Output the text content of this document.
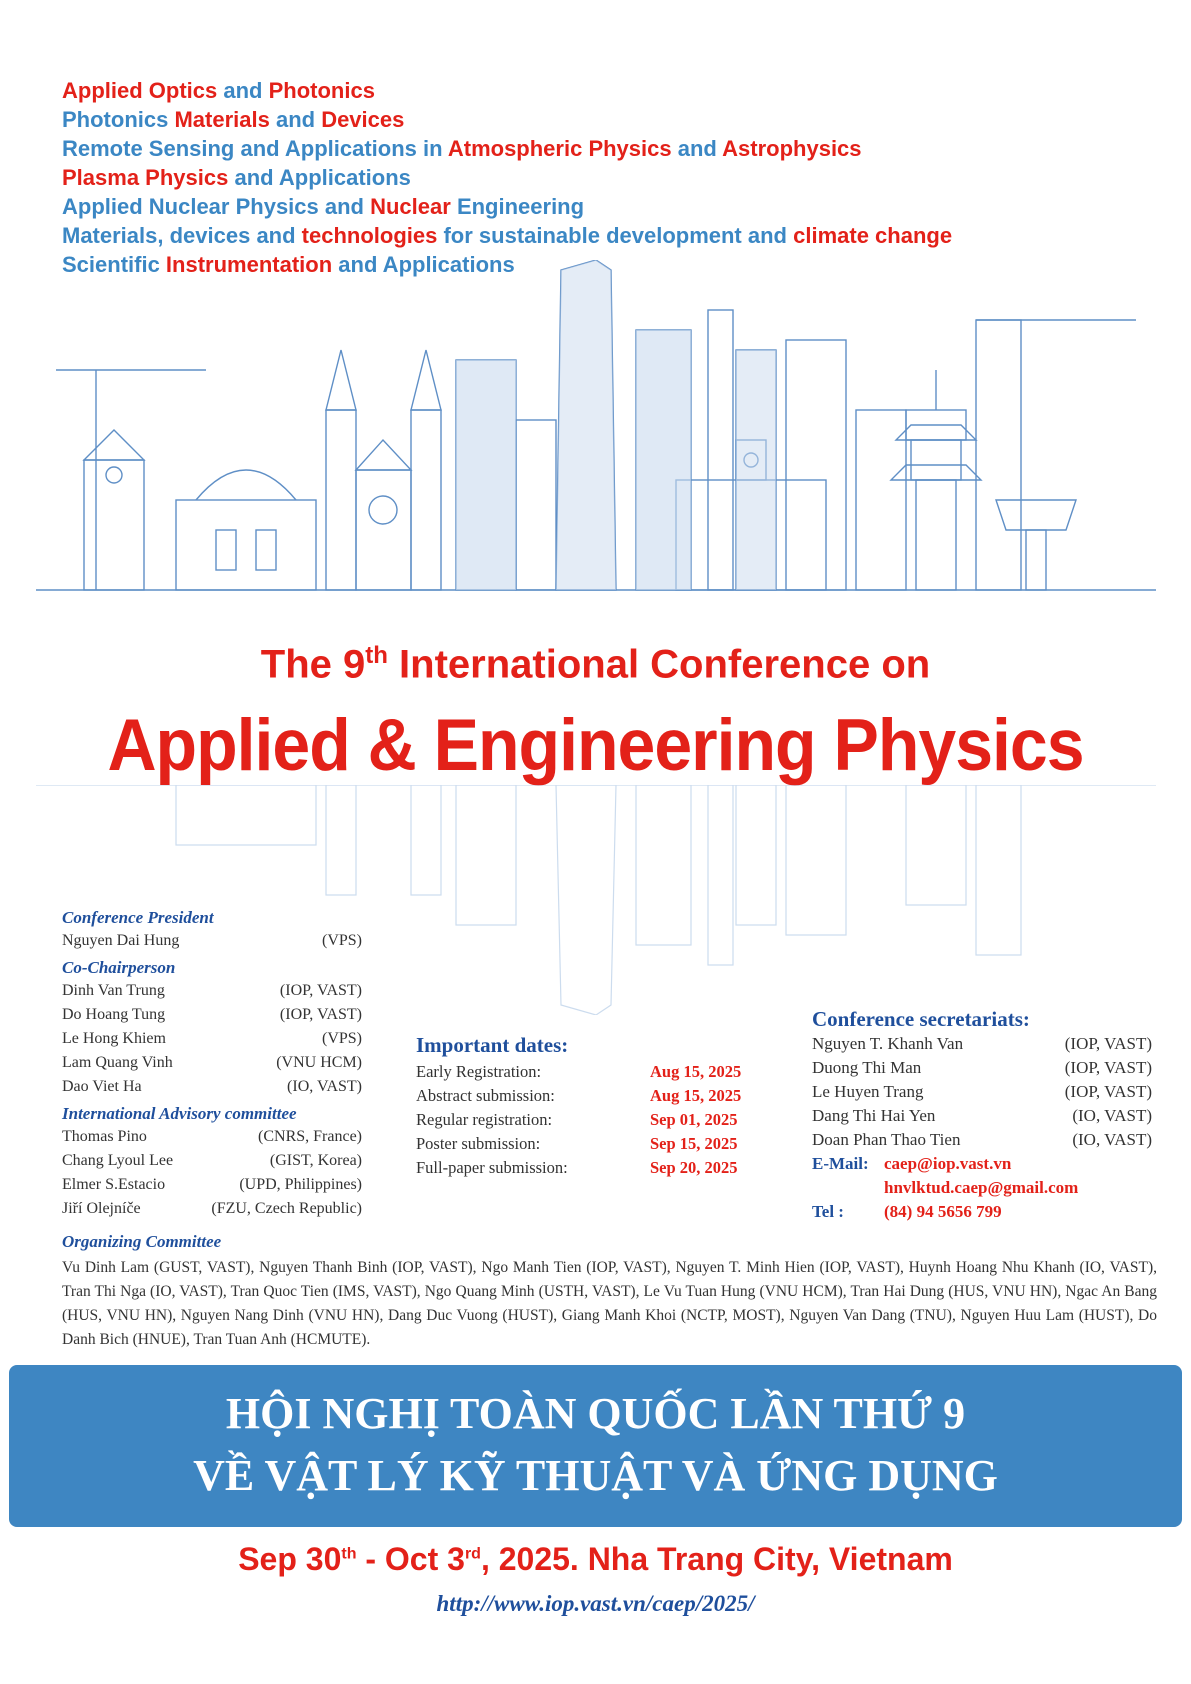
Applied Optics and Photonics
Photonics Materials and Devices
Remote Sensing and Applications in Atmospheric Physics and Astrophysics
Plasma Physics and Applications
Applied Nuclear Physics and Nuclear Engineering
Materials, devices and technologies for sustainable development and climate change
Scientific Instrumentation and Applications
The 9th International Conference on
Applied & Engineering Physics
Conference President
Nguyen Dai Hung	(VPS)
Co-Chairperson
Dinh Van Trung	(IOP, VAST)
Do Hoang Tung	(IOP, VAST)
Le Hong Khiem	(VPS)
Lam Quang Vinh	(VNU HCM)
Dao Viet Ha	(IO, VAST)
International Advisory committee
Thomas Pino	(CNRS, France)
Chang Lyoul Lee	(GIST, Korea)
Elmer S.Estacio	(UPD, Philippines)
Jiří Olejníče	(FZU, Czech Republic)
Important dates:
Early Registration:	Aug 15, 2025
Abstract submission:	Aug 15, 2025
Regular registration:	Sep 01, 2025
Poster submission:	Sep 15, 2025
Full-paper submission:	Sep 20, 2025
Conference secretariats:
Nguyen T. Khanh Van	(IOP, VAST)
Duong Thi Man	(IOP, VAST)
Le Huyen Trang	(IOP, VAST)
Dang Thi Hai Yen	(IO, VAST)
Doan Phan Thao Tien	(IO, VAST)
E-Mail: caep@iop.vast.vn
hnvlktud.caep@gmail.com
Tel : (84) 94 5656 799
Organizing Committee
Vu Dinh Lam (GUST, VAST), Nguyen Thanh Binh (IOP, VAST), Ngo Manh Tien (IOP, VAST), Nguyen T. Minh Hien (IOP, VAST), Huynh Hoang Nhu Khanh (IO, VAST), Tran Thi Nga (IO, VAST), Tran Quoc Tien (IMS, VAST), Ngo Quang Minh (USTH, VAST), Le Vu Tuan Hung (VNU HCM), Tran Hai Dung (HUS, VNU HN), Ngac An Bang (HUS, VNU HN), Nguyen Nang Dinh (VNU HN), Dang Duc Vuong (HUST), Giang Manh Khoi (NCTP, MOST), Nguyen Van Dang (TNU), Nguyen Huu Lam (HUST), Do Danh Bich (HNUE), Tran Tuan Anh (HCMUTE).
HỘI NGHỊ TOÀN QUỐC LẦN THỨ 9
VỀ VẬT LÝ KỸ THUẬT VÀ ỨNG DỤNG
Sep 30th - Oct 3rd, 2025. Nha Trang City, Vietnam
http://www.iop.vast.vn/caep/2025/
